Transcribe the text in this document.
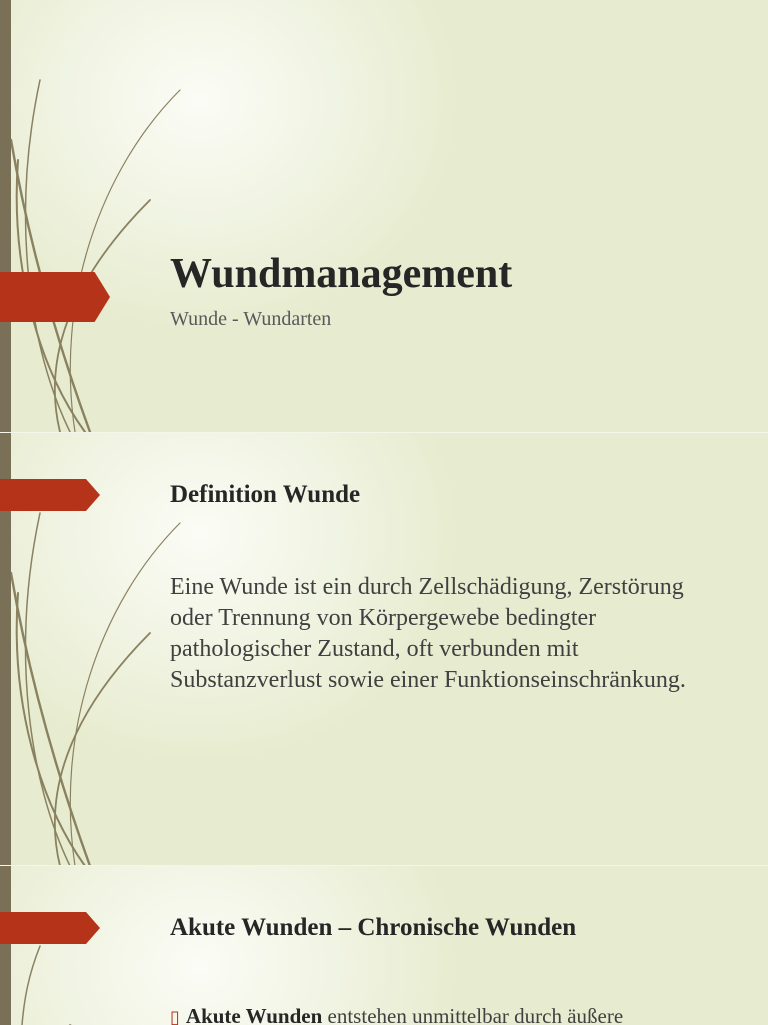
Wundmanagement

Wunde - Wundarten

Definition Wunde

Eine Wunde ist ein durch Zellschädigung, Zerstörung oder Trennung von Körpergewebe bedingter pathologischer Zustand, oft verbunden mit Substanzverlust sowie einer Funktionseinschränkung.

Akute Wunden – Chronische Wunden

▯ Akute Wunden entstehen unmittelbar durch äußere
